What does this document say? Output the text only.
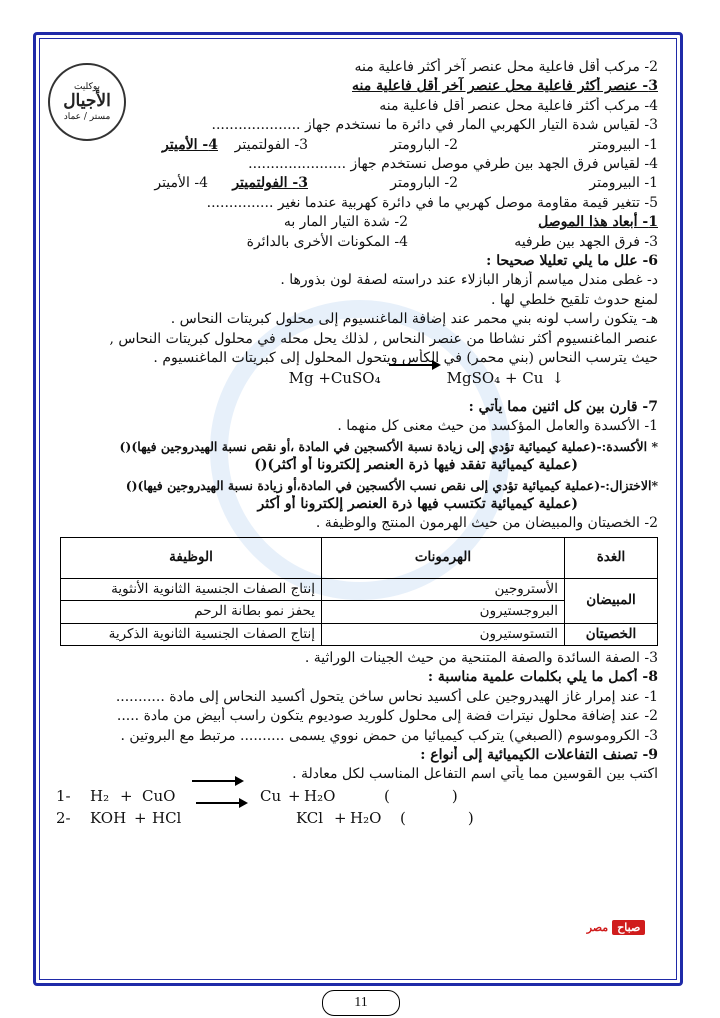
بوكليت
الأجيال
مستر / عماد
2- مركب أقل فاعلية محل عنصر آخر أكثر فاعلية منه
3- عنصر أكثر فاعلية محل عنصر آخر أقل فاعلية منه
4- مركب أكثر فاعلية محل عنصر أقل فاعلية منه
3- لقياس شدة التيار الكهربي المار في دائرة ما نستخدم جهاز ....................
1- البيرومتر
2- البارومتر
3- الفولتميتر
4- الأميتر
4- لقياس فرق الجهد بين طرفي موصل نستخدم جهاز ......................
1- البيرومتر
2- البارومتر
3- الفولتميتر
4- الأميتر
5- تتغير قيمة مقاومة موصل كهربي ما في دائرة كهربية عندما نغير ...............
1- أبعاد هذا الموصل
2- شدة التيار المار به
3- فرق الجهد بين طرفيه
4- المكونات الأخرى بالدائرة
6- علل ما يلي تعليلا صحيحا :
د- غطى مندل مياسم أزهار البازلاء عند دراسته لصفة لون بذورها .
لمنع حدوث تلقيح خلطي لها .
هـ- يتكون راسب لونه بني محمر عند إضافة الماغنسيوم إلى محلول كبريتات النحاس .
عنصر الماغنسيوم أكثر نشاطا من عنصر النحاس , لذلك يحل محله في محلول كبريتات النحاس ,
حيث يترسب النحاس (بني محمر) في الكأس ويتحول المحلول إلى كبريتات الماغنسيوم .
Mg +CuSO₄	MgSO₄ + Cu ↓
7- قارن بين كل اثنين مما يأتي :
1- الأكسدة والعامل المؤكسد من حيث معنى كل منهما .
* الأكسدة:-(عملية كيميائية تؤدي إلى زيادة نسبة الأكسجين في المادة ،أو نقص نسبة الهيدروجين فيها)()
(عملية كيميائية تفقد فيها ذرة العنصر إلكترونا أو أكثر)()
*الاختزال:-(عملية كيميائية تؤدي إلى نقص نسب الأكسجين في المادة،أو زيادة نسبة الهيدروجين فيها)()
(عملية كيميائية تكتسب فيها ذرة العنصر إلكترونا أو أكثر
2- الخصيتان والمبيضان من حيث الهرمون المنتج والوظيفة .
الغدة	الهرمونات	الوظيفة
المبيضان	الأستروجين	إنتاج الصفات الجنسية الثانوية الأنثوية
	البروجستيرون	يحفز نمو بطانة الرحم
الخصيتان	التستوستيرون	إنتاج الصفات الجنسية الثانوية الذكرية
3- الصفة السائدة والصفة المتنحية من حيث الجينات الوراثية .
8- أكمل ما يلي بكلمات علمية مناسبة :
1- عند إمرار غاز الهيدروجين على أكسيد نحاس ساخن يتحول أكسيد النحاس إلى مادة ...........
2- عند إضافة محلول نيترات فضة إلى محلول كلوريد صوديوم يتكون راسب أبيض من مادة .....
3- الكروموسوم (الصبغي) يتركب كيميائيا من حمض نووي يسمى .......... مرتبط مع البروتين .
9- تصنف التفاعلات الكيميائية إلى أنواع :
اكتب بين القوسين مما يأتي اسم التفاعل المناسب لكل معادلة .
1-	H₂ + CuO	Cu + H₂O	(             )
2-	KOH + HCl	KCl + H₂O	(             )
صباح
مصر
11
